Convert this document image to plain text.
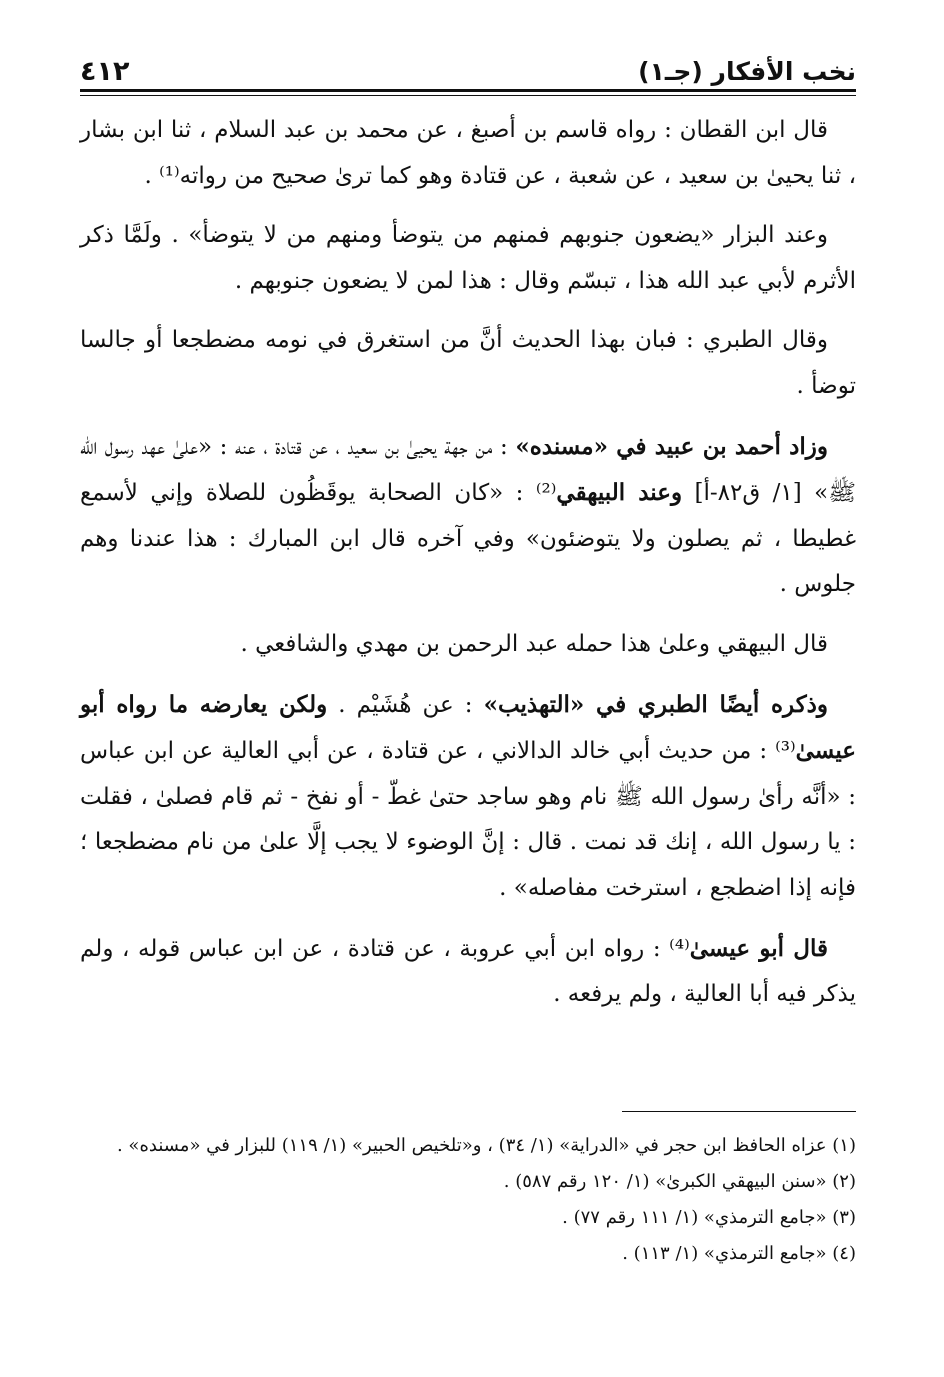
نخب الأفكار (جـ١)
٤١٢

قال ابن القطان : رواه قاسم بن أصبغ ، عن محمد بن عبد السلام ، ثنا ابن بشار ، ثنا يحيىٰ بن سعيد ، عن شعبة ، عن قتادة وهو كما ترىٰ صحيح من رواته⁽¹⁾ .

وعند البزار «يضعون جنوبهم فمنهم من يتوضأ ومنهم من لا يتوضأ» . ولَمَّا ذكر الأثرم لأبي عبد الله هذا ، تبسّم وقال : هذا لمن لا يضعون جنوبهم .

وقال الطبري : فبان بهذا الحديث أنَّ من استغرق في نومه مضطجعا أو جالسا توضأ .

وزاد أحمد بن عبيد في «مسنده» : من جهة يحيىٰ بن سعيد ، عن قتادة ، عنه : «علىٰ عهد رسول الله ﷺ» [١/ ق٨٢-أ] وعند البيهقي⁽²⁾ : «كان الصحابة يوقَظُون للصلاة وإني لأسمع غطيطا ، ثم يصلون ولا يتوضئون» وفي آخره قال ابن المبارك : هذا عندنا وهم جلوس .

قال البيهقي وعلىٰ هذا حمله عبد الرحمن بن مهدي والشافعي .

وذكره أيضًا الطبري في «التهذيب» : عن هُشَيْم . ولكن يعارضه ما رواه أبو عيسىٰ⁽³⁾ : من حديث أبي خالد الدالاني ، عن قتادة ، عن أبي العالية عن ابن عباس : «أنَّه رأىٰ رسول الله ﷺ نام وهو ساجد حتىٰ غطّ - أو نفخ - ثم قام فصلىٰ ، فقلت : يا رسول الله ، إنك قد نمت . قال : إنَّ الوضوء لا يجب إلَّا علىٰ من نام مضطجعا ؛ فإنه إذا اضطجع ، استرخت مفاصله» .

قال أبو عيسىٰ⁽⁴⁾ : رواه ابن أبي عروبة ، عن قتادة ، عن ابن عباس قوله ، ولم يذكر فيه أبا العالية ، ولم يرفعه .

(١) عزاه الحافظ ابن حجر في «الدراية» (١/ ٣٤) ، و«تلخيص الحبير» (١/ ١١٩) للبزار في «مسنده» .

(٢) «سنن البيهقي الكبرىٰ» (١/ ١٢٠ رقم ٥٨٧) .

(٣) «جامع الترمذي» (١/ ١١١ رقم ٧٧) .

(٤) «جامع الترمذي» (١/ ١١٣) .
